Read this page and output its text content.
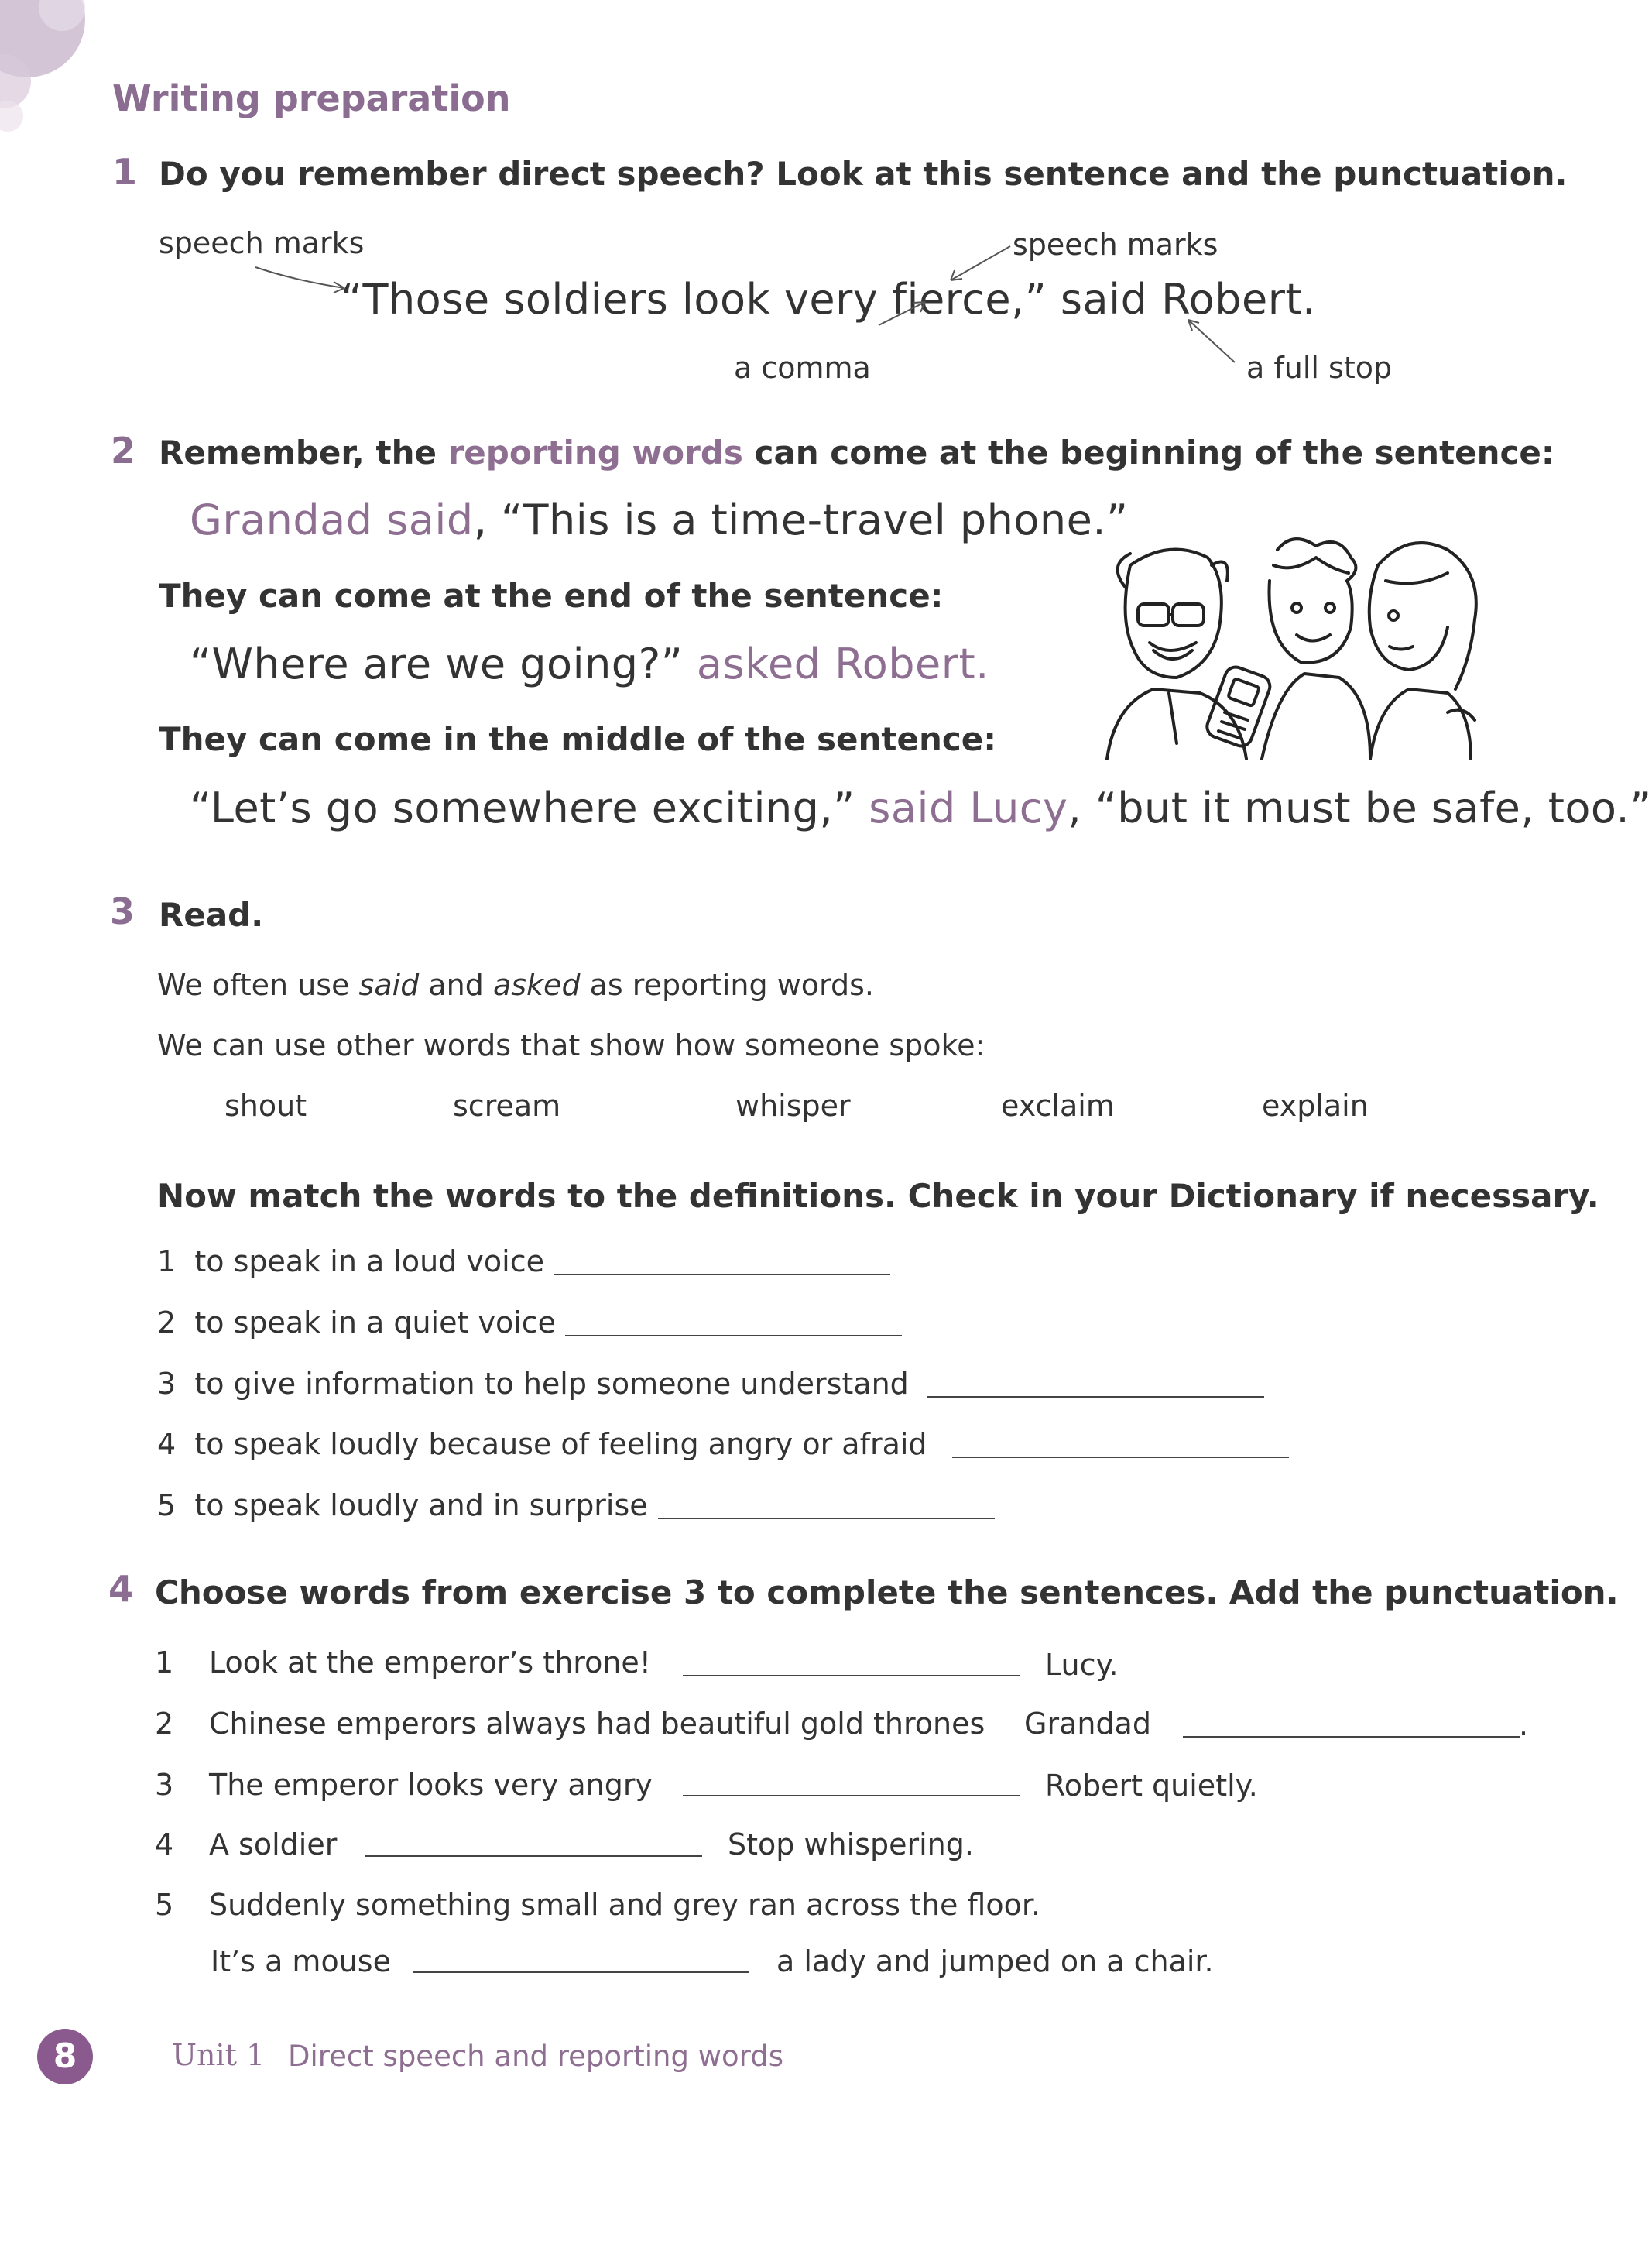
Writing preparation
1 Do you remember direct speech? Look at this sentence and the punctuation.
speech marks	speech marks
“Those soldiers look very fierce,” said Robert.
a comma	a full stop
2 Remember, the reporting words can come at the beginning of the sentence:
Grandad said, “This is a time-travel phone.”
They can come at the end of the sentence:
“Where are we going?” asked Robert.
They can come in the middle of the sentence:
“Let’s go somewhere exciting,” said Lucy, “but it must be safe, too.”
3 Read.
We often use said and asked as reporting words.
We can use other words that show how someone spoke:
shout	scream	whisper	exclaim	explain
Now match the words to the definitions. Check in your Dictionary if necessary.
1 to speak in a loud voice
2 to speak in a quiet voice
3 to give information to help someone understand
4 to speak loudly because of feeling angry or afraid
5 to speak loudly and in surprise
4 Choose words from exercise 3 to complete the sentences. Add the punctuation.
1 Look at the emperor’s throne!	Lucy.
2 Chinese emperors always had beautiful gold thrones Grandad	.
3 The emperor looks very angry	Robert quietly.
4 A soldier	Stop whispering.
5 Suddenly something small and grey ran across the floor.
It’s a mouse	a lady and jumped on a chair.
8	Unit 1 Direct speech and reporting words
